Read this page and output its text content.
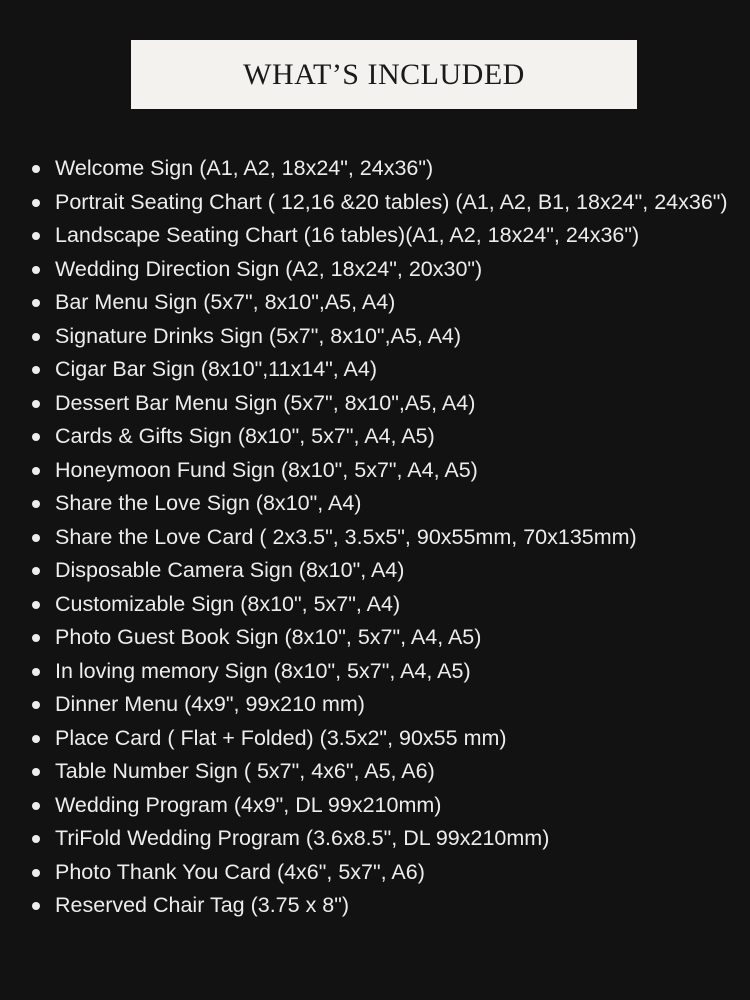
WHAT’S INCLUDED
Welcome Sign (A1, A2, 18x24", 24x36")
Portrait Seating Chart ( 12,16 &20 tables) (A1, A2, B1, 18x24", 24x36")
Landscape Seating Chart (16 tables)(A1, A2, 18x24", 24x36")
Wedding Direction Sign (A2, 18x24", 20x30")
Bar Menu Sign (5x7", 8x10",A5, A4)
Signature Drinks Sign (5x7", 8x10",A5, A4)
Cigar Bar Sign (8x10",11x14", A4)
Dessert Bar Menu Sign (5x7", 8x10",A5, A4)
Cards & Gifts Sign (8x10", 5x7", A4, A5)
Honeymoon Fund Sign (8x10", 5x7", A4, A5)
Share the Love Sign (8x10", A4)
Share the Love Card ( 2x3.5", 3.5x5", 90x55mm, 70x135mm)
Disposable Camera Sign (8x10", A4)
Customizable Sign (8x10", 5x7", A4)
Photo Guest Book Sign (8x10", 5x7", A4, A5)
In loving memory Sign (8x10", 5x7", A4, A5)
Dinner Menu (4x9", 99x210 mm)
Place Card ( Flat + Folded) (3.5x2", 90x55 mm)
Table Number Sign ( 5x7", 4x6", A5, A6)
Wedding Program (4x9", DL 99x210mm)
TriFold Wedding Program (3.6x8.5", DL 99x210mm)
Photo Thank You Card (4x6", 5x7", A6)
Reserved Chair Tag (3.75 x 8")
